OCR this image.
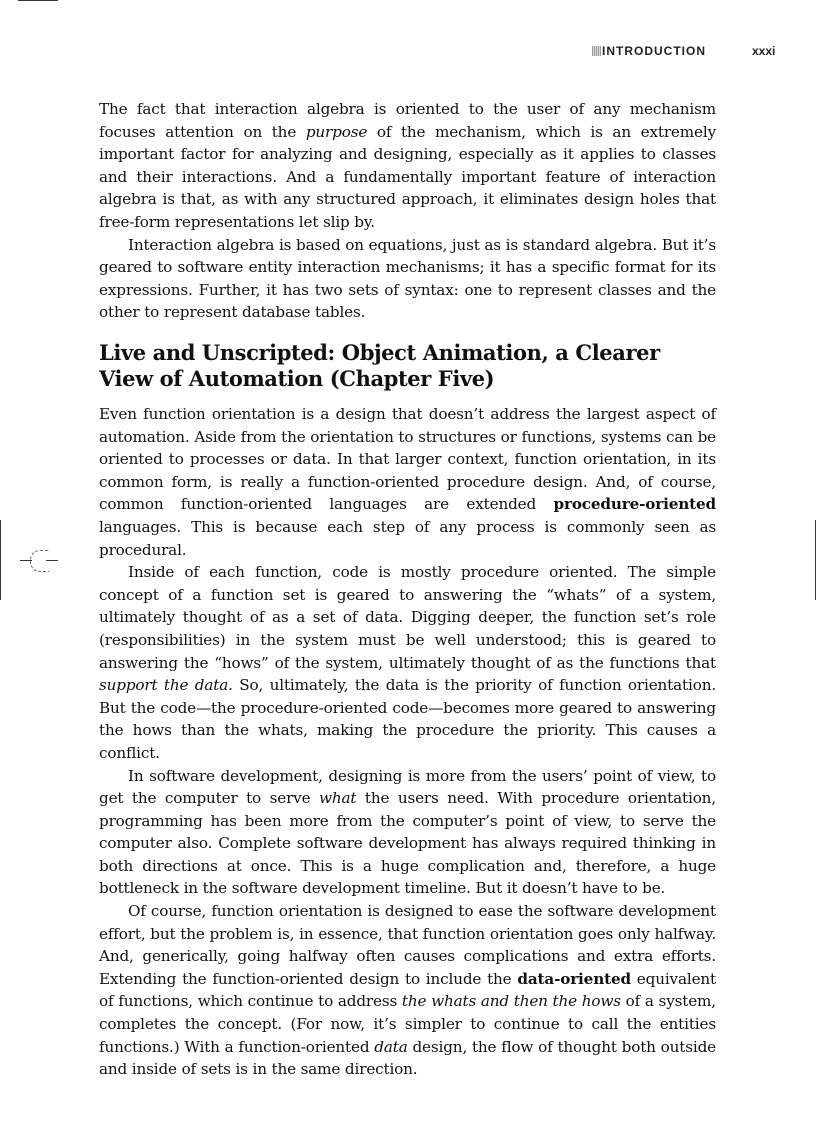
INTRODUCTION	xxxi

The fact that interaction algebra is oriented to the user of any mechanism focuses attention on the purpose of the mechanism, which is an extremely important factor for analyzing and designing, especially as it applies to classes and their interactions. And a fundamentally important feature of interaction algebra is that, as with any structured approach, it eliminates design holes that free-form representations let slip by.

Interaction algebra is based on equations, just as is standard algebra. But it’s geared to software entity interaction mechanisms; it has a specific format for its expressions. Further, it has two sets of syntax: one to represent classes and the other to represent database tables.

Live and Unscripted: Object Animation, a Clearer View of Automation (Chapter Five)

Even function orientation is a design that doesn’t address the largest aspect of automation. Aside from the orientation to structures or functions, systems can be oriented to processes or data. In that larger context, function orientation, in its common form, is really a function-oriented procedure design. And, of course, common function-oriented languages are extended procedure-oriented languages. This is because each step of any process is commonly seen as procedural.

Inside of each function, code is mostly procedure oriented. The simple concept of a function set is geared to answering the “whats” of a system, ultimately thought of as a set of data. Digging deeper, the function set’s role (responsibilities) in the system must be well understood; this is geared to answering the “hows” of the system, ultimately thought of as the functions that support the data. So, ultimately, the data is the priority of function orientation. But the code—the procedure-oriented code—becomes more geared to answering the hows than the whats, making the procedure the priority. This causes a conflict.

In software development, designing is more from the users’ point of view, to get the computer to serve what the users need. With procedure orientation, programming has been more from the computer’s point of view, to serve the computer also. Complete software development has always required thinking in both directions at once. This is a huge complication and, therefore, a huge bottleneck in the software development timeline. But it doesn’t have to be.

Of course, function orientation is designed to ease the software development effort, but the problem is, in essence, that function orientation goes only halfway. And, generically, going halfway often causes complications and extra efforts. Extending the function-oriented design to include the data-oriented equivalent of functions, which continue to address the whats and then the hows of a system, completes the concept. (For now, it’s simpler to continue to call the entities functions.) With a function-oriented data design, the flow of thought both outside and inside of sets is in the same direction.
